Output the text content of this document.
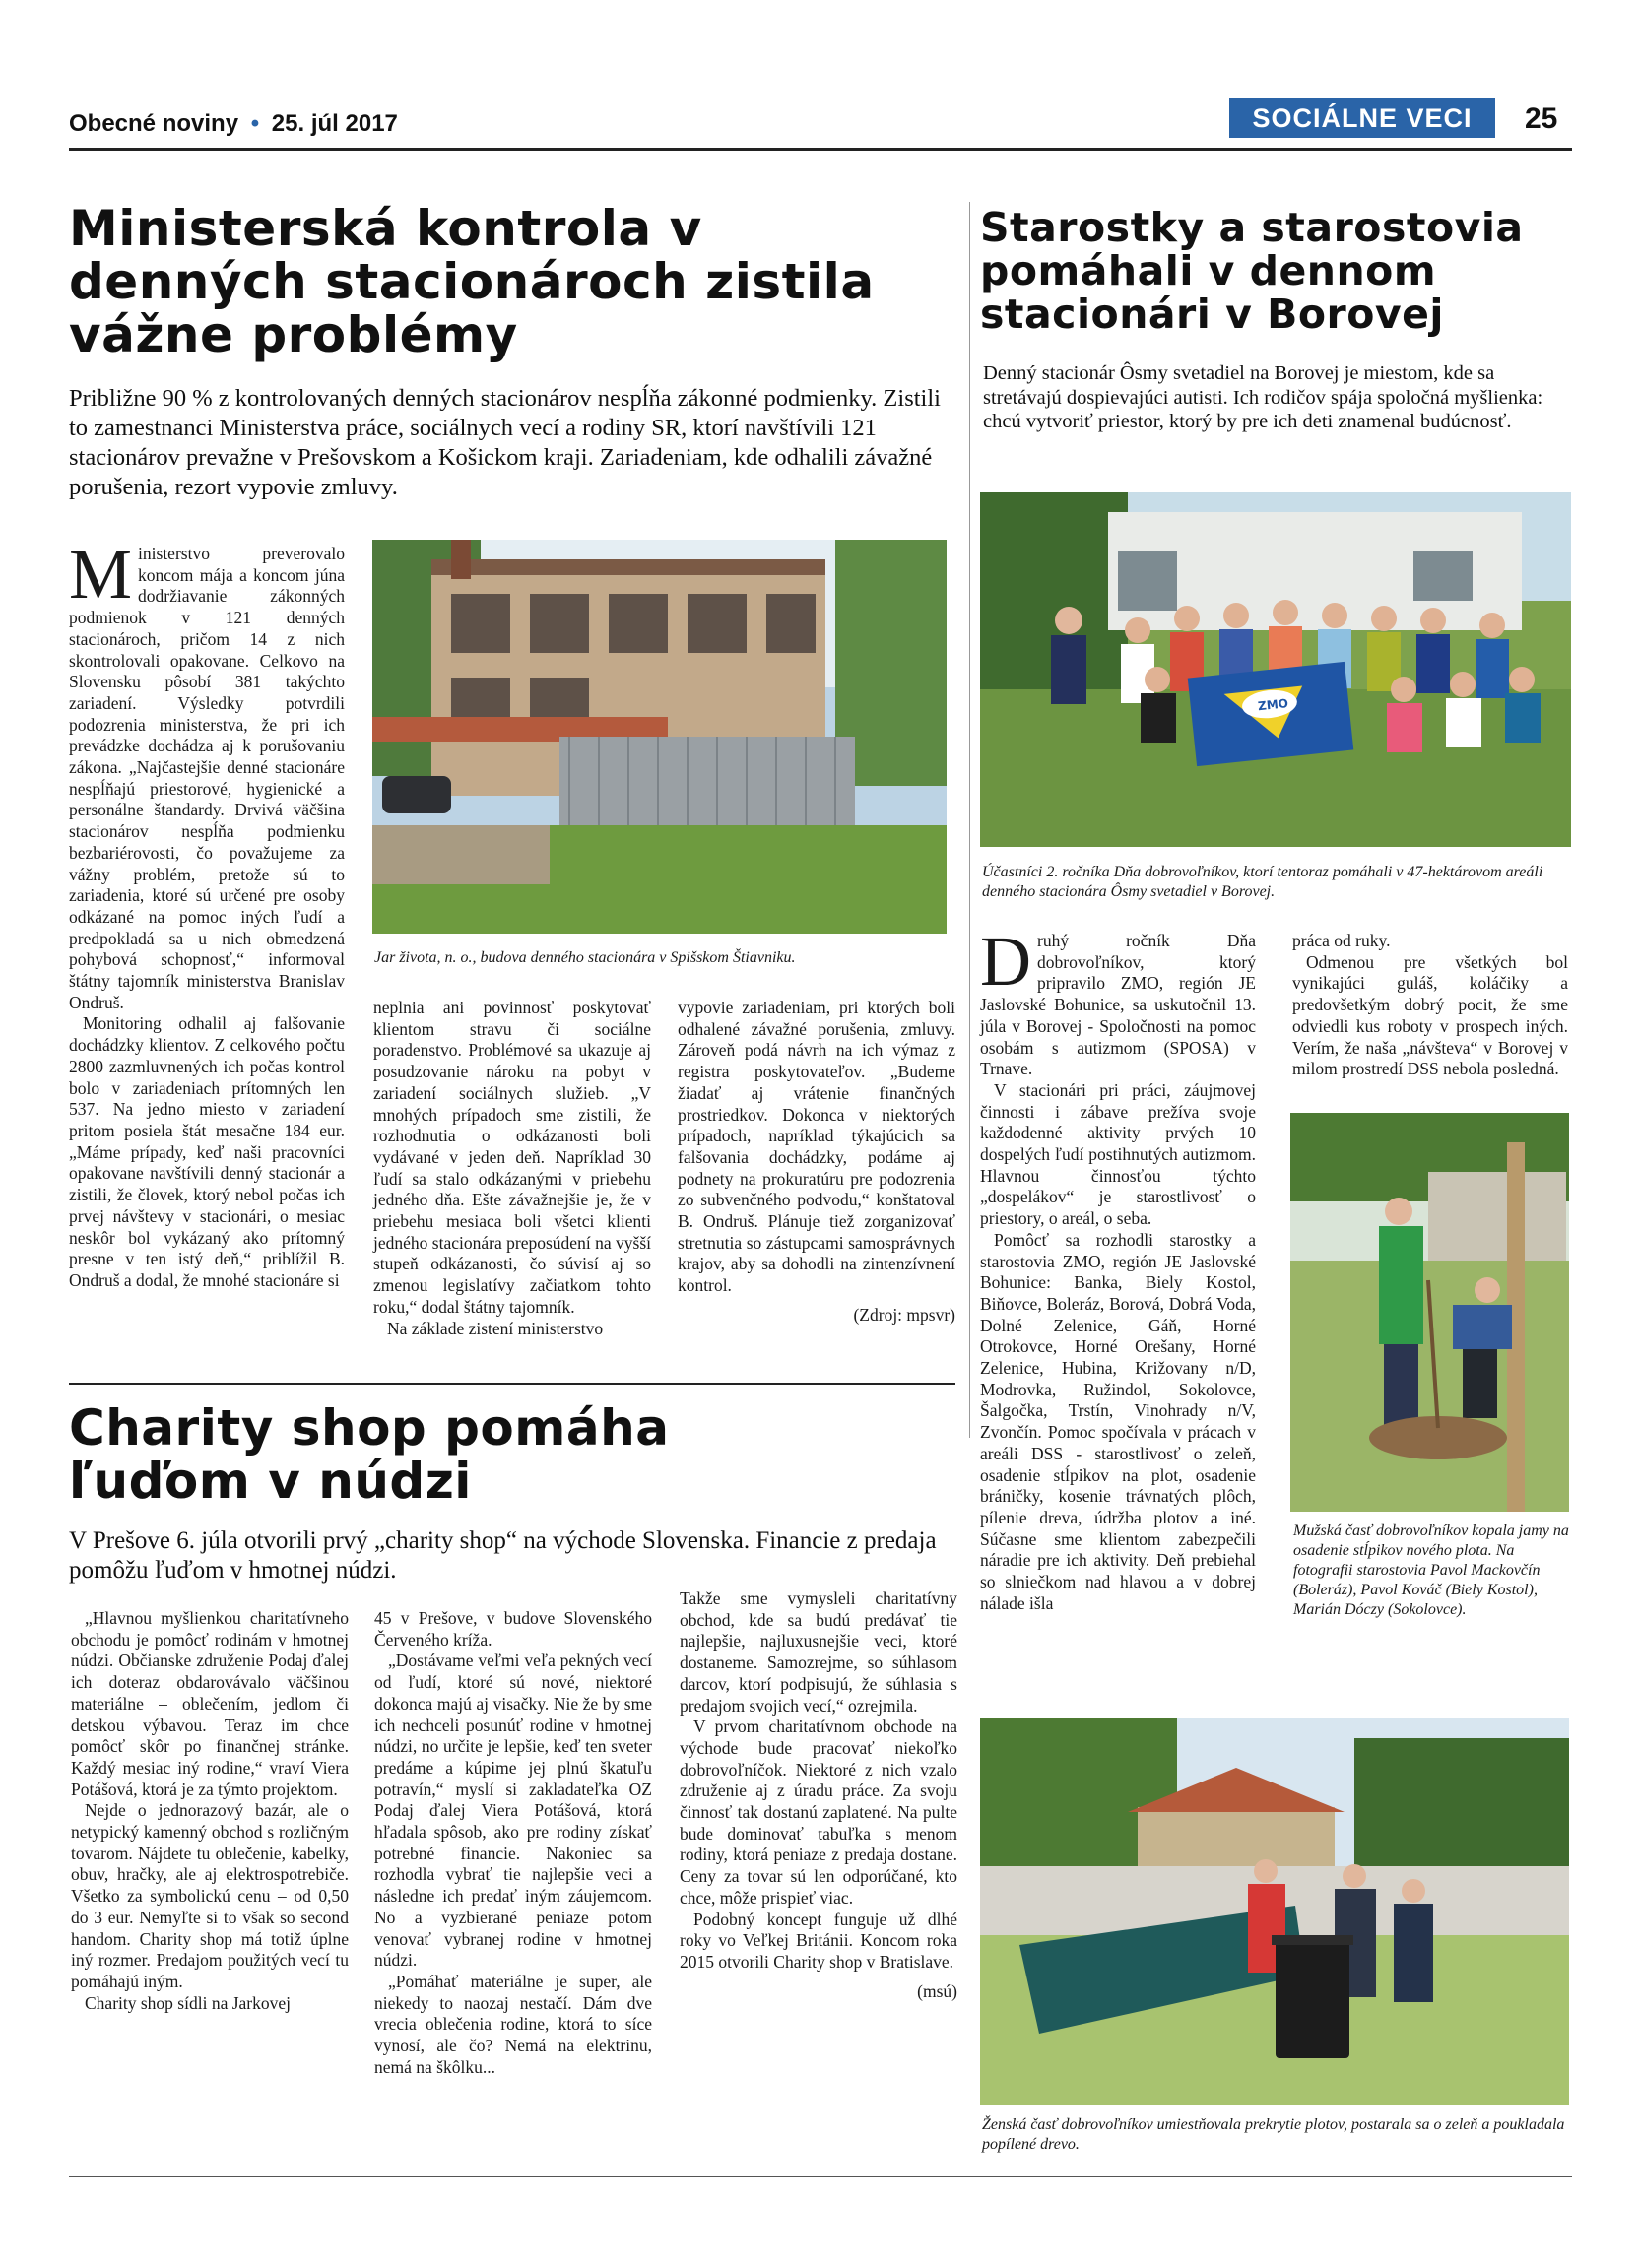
Obecné noviny • 25. júl 2017	SOCIÁLNE VECI	25
Ministerská kontrola v denných stacionároch zistila vážne problémy
Približne 90 % z kontrolovaných denných stacionárov nespĺňa zákonné podmienky. Zistili to zamestnanci Ministerstva práce, sociálnych vecí a rodiny SR, ktorí navštívili 121 stacionárov prevažne v Prešovskom a Košickom kraji. Zariadeniam, kde odhalili závažné porušenia, rezort vypovie zmluvy.

Ministerstvo preverovalo koncom mája a koncom júna dodržiavanie zákonných podmienok v 121 denných stacionároch, pričom 14 z nich skontrolovali opakovane. Celkovo na Slovensku pôsobí 381 takýchto zariadení. Výsledky potvrdili podozrenia ministerstva, že pri ich prevádzke dochádza aj k porušovaniu zákona. „Najčastejšie denné stacionáre nespĺňajú priestorové, hygienické a personálne štandardy. Drvivá väčšina stacionárov nespĺňa podmienku bezbariérovosti, čo považujeme za vážny problém, pretože sú to zariadenia, ktoré sú určené pre osoby odkázané na pomoc iných ľudí a predpokladá sa u nich obmedzená pohybová schopnosť,“ informoval štátny tajomník ministerstva Branislav Ondruš.

Monitoring odhalil aj falšovanie dochádzky klientov. Z celkového počtu 2800 zazmluvnených ich počas kontrol bolo v zariadeniach prítomných len 537. Na jedno miesto v zariadení pritom posiela štát mesačne 184 eur. „Máme prípady, keď naši pracovníci opakovane navštívili denný stacionár a zistili, že človek, ktorý nebol počas ich prvej návštevy v stacionári, o mesiac neskôr bol vykázaný ako prítomný presne v ten istý deň,“ priblížil B. Ondruš a dodal, že mnohé stacionáre si

Jar života, n. o., budova denného stacionára v Spišskom Štiavniku.

neplnia ani povinnosť poskytovať klientom stravu či sociálne poradenstvo. Problémové sa ukazuje aj posudzovanie nároku na pobyt v zariadení sociálnych služieb. „V mnohých prípadoch sme zistili, že rozhodnutia o odkázanosti boli vydávané v jeden deň. Napríklad 30 ľudí sa stalo odkázanými v priebehu jedného dňa. Ešte závažnejšie je, že v priebehu mesiaca boli všetci klienti jedného stacionára preposúdení na vyšší stupeň odkázanosti, čo súvisí aj so zmenou legislatívy začiatkom tohto roku,“ dodal štátny tajomník.

Na základe zistení ministerstvo

vypovie zariadeniam, pri ktorých boli odhalené závažné porušenia, zmluvy. Zároveň podá návrh na ich výmaz z registra poskytovateľov. „Budeme žiadať aj vrátenie finančných prostriedkov. Dokonca v niektorých prípadoch, napríklad týkajúcich sa falšovania dochádzky, podáme aj podnety na prokuratúru pre podozrenia zo subvenčného podvodu,“ konštatoval B. Ondruš. Plánuje tiež zorganizovať stretnutia so zástupcami samosprávnych krajov, aby sa dohodli na zintenzívnení kontrol.

(Zdroj: mpsvr)

Charity shop pomáha ľuďom v núdzi
V Prešove 6. júla otvorili prvý „charity shop“ na východe Slovenska. Financie z predaja pomôžu ľuďom v hmotnej núdzi.

„Hlavnou myšlienkou charitatívneho obchodu je pomôcť rodinám v hmotnej núdzi. Občianske združenie Podaj ďalej ich doteraz obdarovávalo väčšinou materiálne – oblečením, jedlom či detskou výbavou. Teraz im chce pomôcť skôr po finančnej stránke. Každý mesiac iný rodine,“ vraví Viera Potášová, ktorá je za týmto projektom.

Nejde o jednorazový bazár, ale o netypický kamenný obchod s rozličným tovarom. Nájdete tu oblečenie, kabelky, obuv, hračky, ale aj elektrospotrebiče. Všetko za symbolickú cenu – od 0,50 do 3 eur. Nemyľte si to však so second handom. Charity shop má totiž úplne iný rozmer. Predajom použitých vecí tu pomáhajú iným.

Charity shop sídli na Jarkovej

45 v Prešove, v budove Slovenského Červeného kríža.

„Dostávame veľmi veľa pekných vecí od ľudí, ktoré sú nové, niektoré dokonca majú aj visačky. Nie že by sme ich nechceli posunúť rodine v hmotnej núdzi, no určite je lepšie, keď ten sveter predáme a kúpime jej plnú škatuľu potravín,“ myslí si zakladateľka OZ Podaj ďalej Viera Potášová, ktorá hľadala spôsob, ako pre rodiny získať potrebné financie. Nakoniec sa rozhodla vybrať tie najlepšie veci a následne ich predať iným záujemcom. No a vyzbierané peniaze potom venovať vybranej rodine v hmotnej núdzi.

„Pomáhať materiálne je super, ale niekedy to naozaj nestačí. Dám dve vrecia oblečenia rodine, ktorá to síce vynosí, ale čo? Nemá na elektrinu, nemá na škôlku...

Takže sme vymysleli charitatívny obchod, kde sa budú predávať tie najlepšie, najluxusnejšie veci, ktoré dostaneme. Samozrejme, so súhlasom darcov, ktorí podpisujú, že súhlasia s predajom svojich vecí,“ ozrejmila.

V prvom charitatívnom obchode na východe bude pracovať niekoľko dobrovoľníčok. Niektoré z nich vzalo združenie aj z úradu práce. Za svoju činnosť tak dostanú zaplatené. Na pulte bude dominovať tabuľka s menom rodiny, ktorá peniaze z predaja dostane. Ceny za tovar sú len odporúčané, kto chce, môže prispieť viac.

Podobný koncept funguje už dlhé roky vo Veľkej Británii. Koncom roka 2015 otvorili Charity shop v Bratislave.

(msú)

Starostky a starostovia pomáhali v dennom stacionári v Borovej
Denný stacionár Ôsmy svetadiel na Borovej je miestom, kde sa stretávajú dospievajúci autisti. Ich rodičov spája spoločná myšlienka: chcú vytvoriť priestor, ktorý by pre ich deti znamenal budúcnosť.
ZMO
Účastníci 2. ročníka Dňa dobrovoľníkov, ktorí tentoraz pomáhali v 47-hektárovom areáli denného stacionára Ôsmy svetadiel v Borovej.

Druhý ročník Dňa dobrovoľníkov, ktorý pripravilo ZMO, región JE Jaslovské Bohunice, sa uskutočnil 13. júla v Borovej - Spoločnosti na pomoc osobám s autizmom (SPOSA) v Trnave.

V stacionári pri práci, záujmovej činnosti i zábave prežíva svoje každodenné aktivity prvých 10 dospelých ľudí postihnutých autizmom. Hlavnou činnosťou týchto „dospelákov“ je starostlivosť o priestory, o areál, o seba.

Pomôcť sa rozhodli starostky a starostovia ZMO, región JE Jaslovské Bohunice: Banka, Biely Kostol, Biňovce, Boleráz, Borová, Dobrá Voda, Dolné Zelenice, Gáň, Horné Otrokovce, Horné Orešany, Horné Zelenice, Hubina, Križovany n/D, Modrovka, Ružindol, Sokolovce, Šalgočka, Trstín, Vinohrady n/V, Zvončín. Pomoc spočívala v prácach v areáli DSS - starostlivosť o zeleň, osadenie stĺpikov na plot, osadenie bráničky, kosenie trávnatých plôch, pílenie dreva, údržba plotov a iné. Súčasne sme klientom zabezpečili náradie pre ich aktivity. Deň prebiehal so slniečkom nad hlavou a v dobrej nálade išla

práca od ruky.

Odmenou pre všetkých bol vynikajúci guláš, koláčiky a predovšetkým dobrý pocit, že sme odviedli kus roboty v prospech iných. Verím, že naša „návšteva“ v Borovej v milom prostredí DSS nebola posledná.

Mužská časť dobrovoľníkov kopala jamy na osadenie stĺpikov nového plota. Na fotografii starostovia Pavol Mackovčín (Boleráz), Pavol Kováč (Biely Kostol), Marián Dóczy (Sokolovce).
Ženská časť dobrovoľníkov umiestňovala prekrytie plotov, postarala sa o zeleň a poukladala popílené drevo.
